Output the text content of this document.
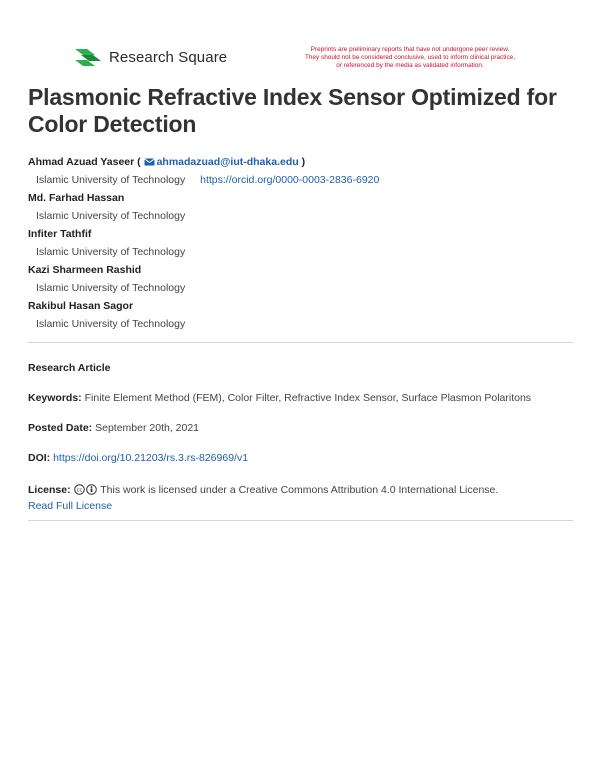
Research Square	Preprints are preliminary reports that have not undergone peer review.
They should not be considered conclusive, used to inform clinical practice,
or referenced by the media as validated information.
Plasmonic Refractive Index Sensor Optimized for Color Detection
Ahmad Azuad Yaseer ( ahmadazuad@iut-dhaka.edu )
Islamic University of Technology https://orcid.org/0000-0003-2836-6920
Md. Farhad Hassan
Islamic University of Technology
Infiter Tathfif
Islamic University of Technology
Kazi Sharmeen Rashid
Islamic University of Technology
Rakibul Hasan Sagor
Islamic University of Technology
Research Article
Keywords: Finite Element Method (FEM), Color Filter, Refractive Index Sensor, Surface Plasmon Polaritons
Posted Date: September 20th, 2021
DOI: https://doi.org/10.21203/rs.3.rs-826969/v1
License: cc This work is licensed under a Creative Commons Attribution 4.0 International License.
Read Full License
